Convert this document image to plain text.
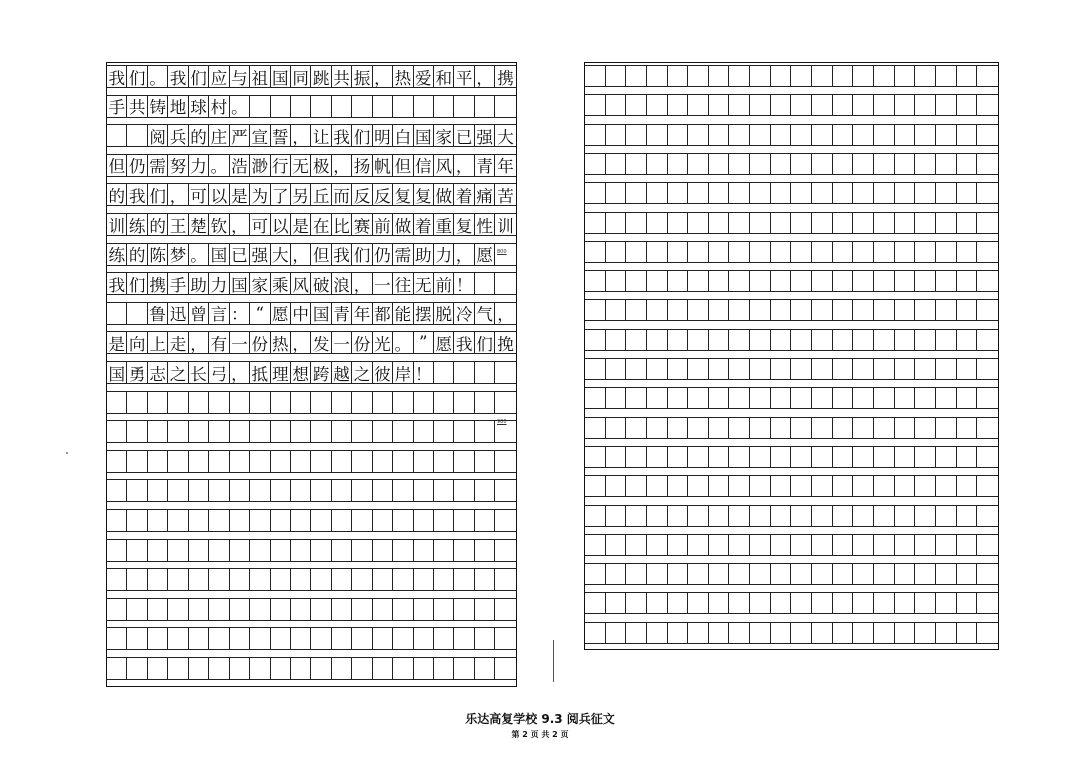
我 们 。 我 们 应 与 祖 国 同 跳 共 振 ， 热 爱 和 平 ， 携
手 共 铸 地 球 村 。
阅 兵 的 庄 严 宣 誓 ， 让 我 们 明 白 国 家 已 强 大
但 仍 需 努 力 。 浩 渺 行 无 极 ， 扬 帆 但 信 风 ， 青 年
的 我 们 ， 可 以 是 为 了 另 丘 而 反 反 复 复 做 着 痛 苦
训 练 的 王 楚 钦 ， 可 以 是 在 比 赛 前 做 着 重 复 性 训
练 的 陈 梦 。 国 已 强 大 ， 但 我 们 仍 需 助 力 ， 愿
我 们 携 手 助 力 国 家 乘 风 破 浪 ， 一 往 无 前 ！
鲁 迅 曾 言 ： “ 愿 中 国 青 年 都 能 摆 脱 冷 气 ，
是 向 上 走 ， 有 一 份 热 ， 发 一 份 光 。 ” 愿 我 们 挽
国 勇 志 之 长 弓 ， 抵 理 想 跨 越 之 彼 岸 ！
800
900
乐达高复学校 9.3 阅兵征文
第 2 页 共 2 页
